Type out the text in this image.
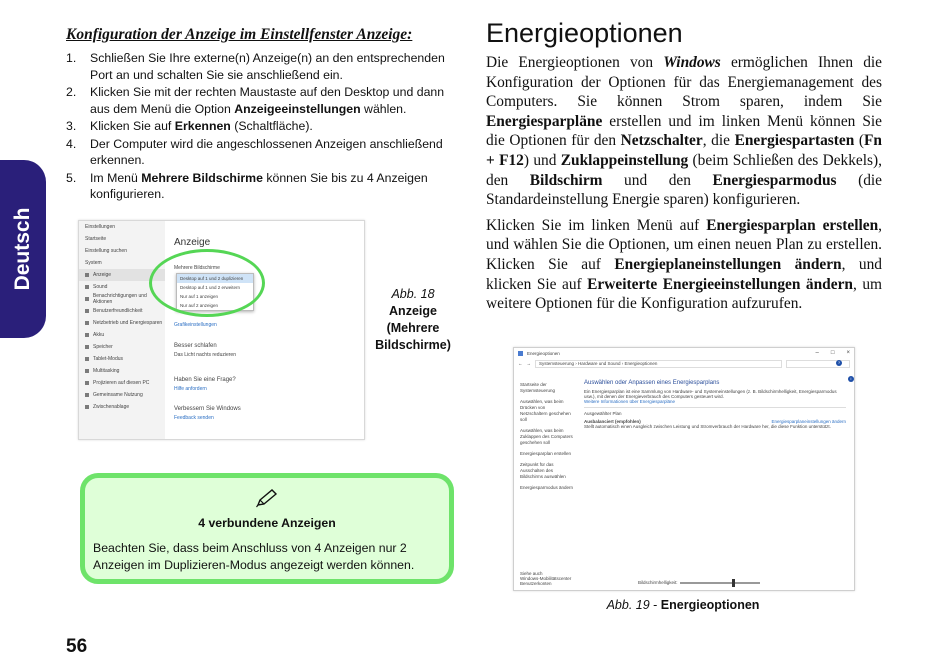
Deutsch
Konfiguration der Anzeige im Einstellfenster Anzeige:
1. Schließen Sie Ihre externe(n) Anzeige(n) an den entsprechenden Port an und schalten Sie sie anschließend ein.
2. Klicken Sie mit der rechten Maustaste auf den Desktop und dann aus dem Menü die Option Anzeigeeinstellungen wählen.
3. Klicken Sie auf Erkennen (Schaltfläche).
4. Der Computer wird die angeschlossenen Anzeigen anschließend erkennen.
5. Im Menü Mehrere Bildschirme können Sie bis zu 4 Anzeigen konfigurieren.
Einstellungen
Startseite
Einstellung suchen
System
Anzeige
Sound
Benachrichtigungen und Aktionen
Benutzerfreundlichkeit
Netzbetrieb und Energiesparen
Akku
Speicher
Tablet-Modus
Multitasking
Projizieren auf diesen PC
Gemeinsame Nutzung
Zwischenablage
Anzeige
Mehrere Bildschirme
Desktop auf 1 und 2 duplizieren
Desktop auf 1 und 2 erweitern
Nur auf 1 anzeigen
Nur auf 2 anzeigen
Grafikeinstellungen
Besser schlafen
Das Licht nachts reduzieren
Haben Sie eine Frage?
Hilfe anfordern
Verbessern Sie Windows
Feedback senden
Abb. 18
Anzeige
(Mehrere
Bildschirme)
4 verbundene Anzeigen
Beachten Sie, dass beim Anschluss von 4 Anzeigen nur 2 Anzeigen im Duplizieren-Modus angezeigt werden können.
Energieoptionen
Die Energieoptionen von Windows ermöglichen Ihnen die Konfiguration der Optionen für das Energiemanagement des Computers. Sie können Strom sparen, indem Sie Energiesparpläne erstellen und im linken Menü können Sie die Optionen für den Netzschalter, die Energiespartasten (Fn + F12) und Zuklappeinstellung (beim Schließen des Dekkels), den Bildschirm und den Energiesparmodus (die Standardeinstellung Energie sparen) konfigurieren.
Klicken Sie im linken Menü auf Energiesparplan erstellen, und wählen Sie die Optionen, um einen neuen Plan zu erstellen. Klicken Sie auf Energieplaneinstellungen ändern, und klicken Sie auf Erweiterte Energieeinstellungen ändern, um weitere Optionen für die Konfiguration aufzurufen.
Energieoptionen	– □ ×
← →	Systemsteuerung › Hardware und Sound › Energieoptionen
Startseite der Systemsteuerung
Auswählen, was beim Drücken von Netzschaltern geschehen soll
Auswählen, was beim Zuklappen des Computers geschehen soll
Energiesparplan erstellen
Zeitpunkt für das Ausschalten des Bildschirms auswählen
Energiesparmodus ändern
Auswählen oder Anpassen eines Energiesparplans
Ein Energiesparplan ist eine Sammlung von Hardware- und Systemeinstellungen (z. B. Bildschirmhelligkeit, Energiesparmodus usw.), mit denen der Energieverbrauch des Computers gesteuert wird.
Weitere Informationen über Energiesparpläne
Ausgewählter Plan
Ausbalanciert (empfohlen)	Energiesparplaneinstellungen ändern
Stellt automatisch einen Ausgleich zwischen Leistung und Stromverbrauch der Hardware her, die diese Funktion unterstützt.
?
i
Siehe auch
Windows-Mobilitätscenter
Benutzerkonten	Bildschirmhelligkeit:
Abb. 19 - Energieoptionen
56
